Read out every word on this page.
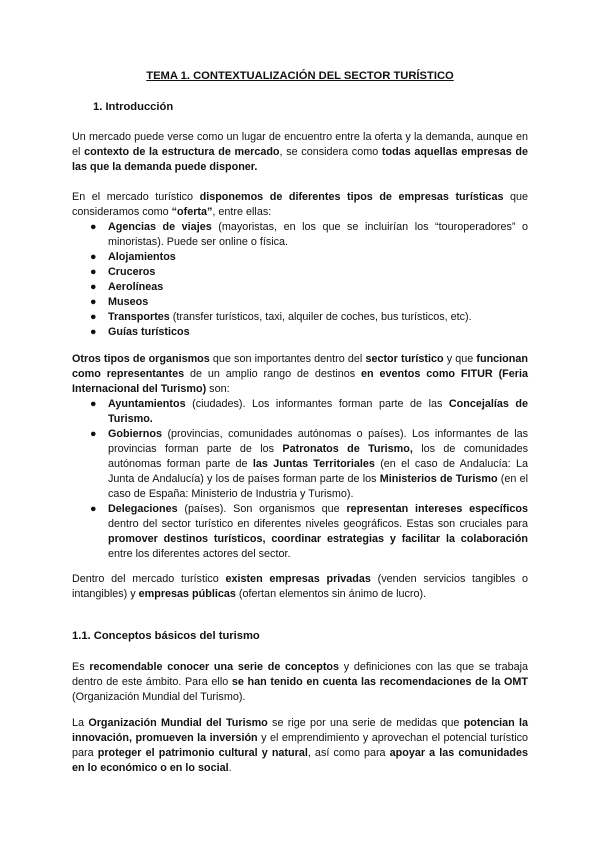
TEMA 1. CONTEXTUALIZACIÓN DEL SECTOR TURÍSTICO
1. Introducción
Un mercado puede verse como un lugar de encuentro entre la oferta y la demanda, aunque en el contexto de la estructura de mercado, se considera como todas aquellas empresas de las que la demanda puede disponer.
En el mercado turístico disponemos de diferentes tipos de empresas turísticas que consideramos como “oferta”, entre ellas:
● Agencias de viajes (mayoristas, en los que se incluirían los “touroperadores” o minoristas). Puede ser online o física.
● Alojamientos
● Cruceros
● Aerolíneas
● Museos
● Transportes (transfer turísticos, taxi, alquiler de coches, bus turísticos, etc).
● Guías turísticos
Otros tipos de organismos que son importantes dentro del sector turístico y que funcionan como representantes de un amplio rango de destinos en eventos como FITUR (Feria Internacional del Turismo) son:
● Ayuntamientos (ciudades). Los informantes forman parte de las Concejalías de Turismo.
● Gobiernos (provincias, comunidades autónomas o países). Los informantes de las provincias forman parte de los Patronatos de Turismo, los de comunidades autónomas forman parte de las Juntas Territoriales (en el caso de Andalucía: La Junta de Andalucía) y los de países forman parte de los Ministerios de Turismo (en el caso de España: Ministerio de Industria y Turismo).
● Delegaciones (países). Son organismos que representan intereses específicos dentro del sector turístico en diferentes niveles geográficos. Estas son cruciales para promover destinos turísticos, coordinar estrategias y facilitar la colaboración entre los diferentes actores del sector.
Dentro del mercado turístico existen empresas privadas (venden servicios tangibles o intangibles) y empresas públicas (ofertan elementos sin ánimo de lucro).
1.1. Conceptos básicos del turismo
Es recomendable conocer una serie de conceptos y definiciones con las que se trabaja dentro de este ámbito. Para ello se han tenido en cuenta las recomendaciones de la OMT (Organización Mundial del Turismo).
La Organización Mundial del Turismo se rige por una serie de medidas que potencian la innovación, promueven la inversión y el emprendimiento y aprovechan el potencial turístico para proteger el patrimonio cultural y natural, así como para apoyar a las comunidades en lo económico o en lo social.
